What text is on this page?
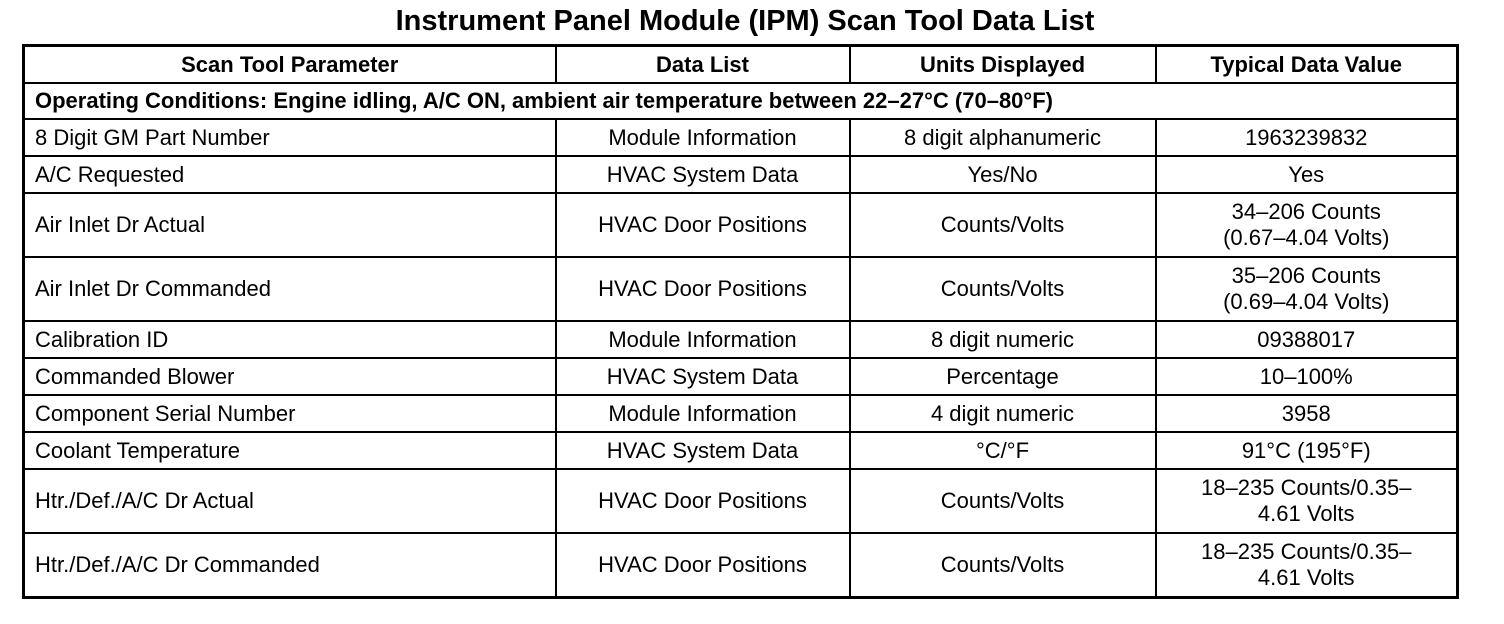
Instrument Panel Module (IPM) Scan Tool Data List
Scan Tool Parameter	Data List	Units Displayed	Typical Data Value
Operating Conditions: Engine idling, A/C ON, ambient air temperature between 22–27°C (70–80°F)			
8 Digit GM Part Number	Module Information	8 digit alphanumeric	1963239832

A/C Requested	HVAC System Data	Yes/No	Yes

Air Inlet Dr Actual	HVAC Door Positions	Counts/Volts	34–206 Counts
(0.67–4.04 Volts)

Air Inlet Dr Commanded	HVAC Door Positions	Counts/Volts	35–206 Counts
(0.69–4.04 Volts)

Calibration ID	Module Information	8 digit numeric	09388017

Commanded Blower	HVAC System Data	Percentage	10–100%

Component Serial Number	Module Information	4 digit numeric	3958

Coolant Temperature	HVAC System Data	°C/°F	91°C (195°F)

Htr./Def./A/C Dr Actual	HVAC Door Positions	Counts/Volts	18–235 Counts/0.35–
4.61 Volts

Htr./Def./A/C Dr Commanded	HVAC Door Positions	Counts/Volts	18–235 Counts/0.35–
4.61 Volts
